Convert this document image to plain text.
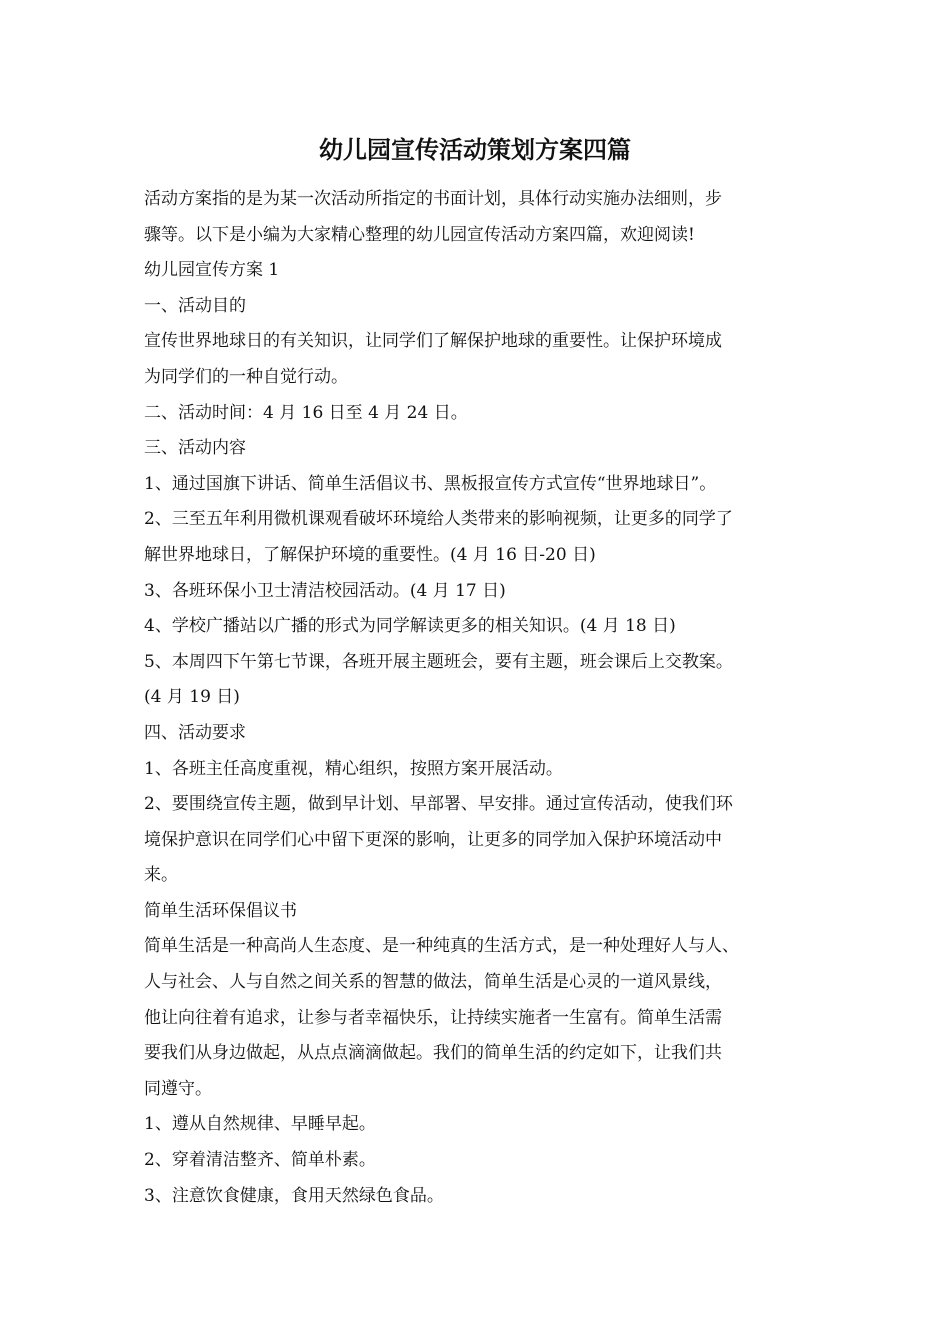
幼儿园宣传活动策划方案四篇

活动方案指的是为某一次活动所指定的书面计划，具体行动实施办法细则，步

骤等。以下是小编为大家精心整理的幼儿园宣传活动方案四篇，欢迎阅读!

幼儿园宣传方案 1

一、活动目的

宣传世界地球日的有关知识，让同学们了解保护地球的重要性。让保护环境成

为同学们的一种自觉行动。

二、活动时间：4 月 16 日至 4 月 24 日。

三、活动内容

1、通过国旗下讲话、简单生活倡议书、黑板报宣传方式宣传“世界地球日”。

2、三至五年利用微机课观看破坏环境给人类带来的影响视频，让更多的同学了

解世界地球日，了解保护环境的重要性。(4 月 16 日-20 日)

3、各班环保小卫士清洁校园活动。(4 月 17 日)

4、学校广播站以广播的形式为同学解读更多的相关知识。(4 月 18 日)

5、本周四下午第七节课，各班开展主题班会，要有主题，班会课后上交教案。

(4 月 19 日)

四、活动要求

1、各班主任高度重视，精心组织，按照方案开展活动。

2、要围绕宣传主题，做到早计划、早部署、早安排。通过宣传活动，使我们环

境保护意识在同学们心中留下更深的影响，让更多的同学加入保护环境活动中

来。

简单生活环保倡议书

简单生活是一种高尚人生态度、是一种纯真的生活方式，是一种处理好人与人、

人与社会、人与自然之间关系的智慧的做法，简单生活是心灵的一道风景线，

他让向往着有追求，让参与者幸福快乐，让持续实施者一生富有。简单生活需

要我们从身边做起，从点点滴滴做起。我们的简单生活的约定如下，让我们共

同遵守。

1、遵从自然规律、早睡早起。

2、穿着清洁整齐、简单朴素。

3、注意饮食健康，食用天然绿色食品。
